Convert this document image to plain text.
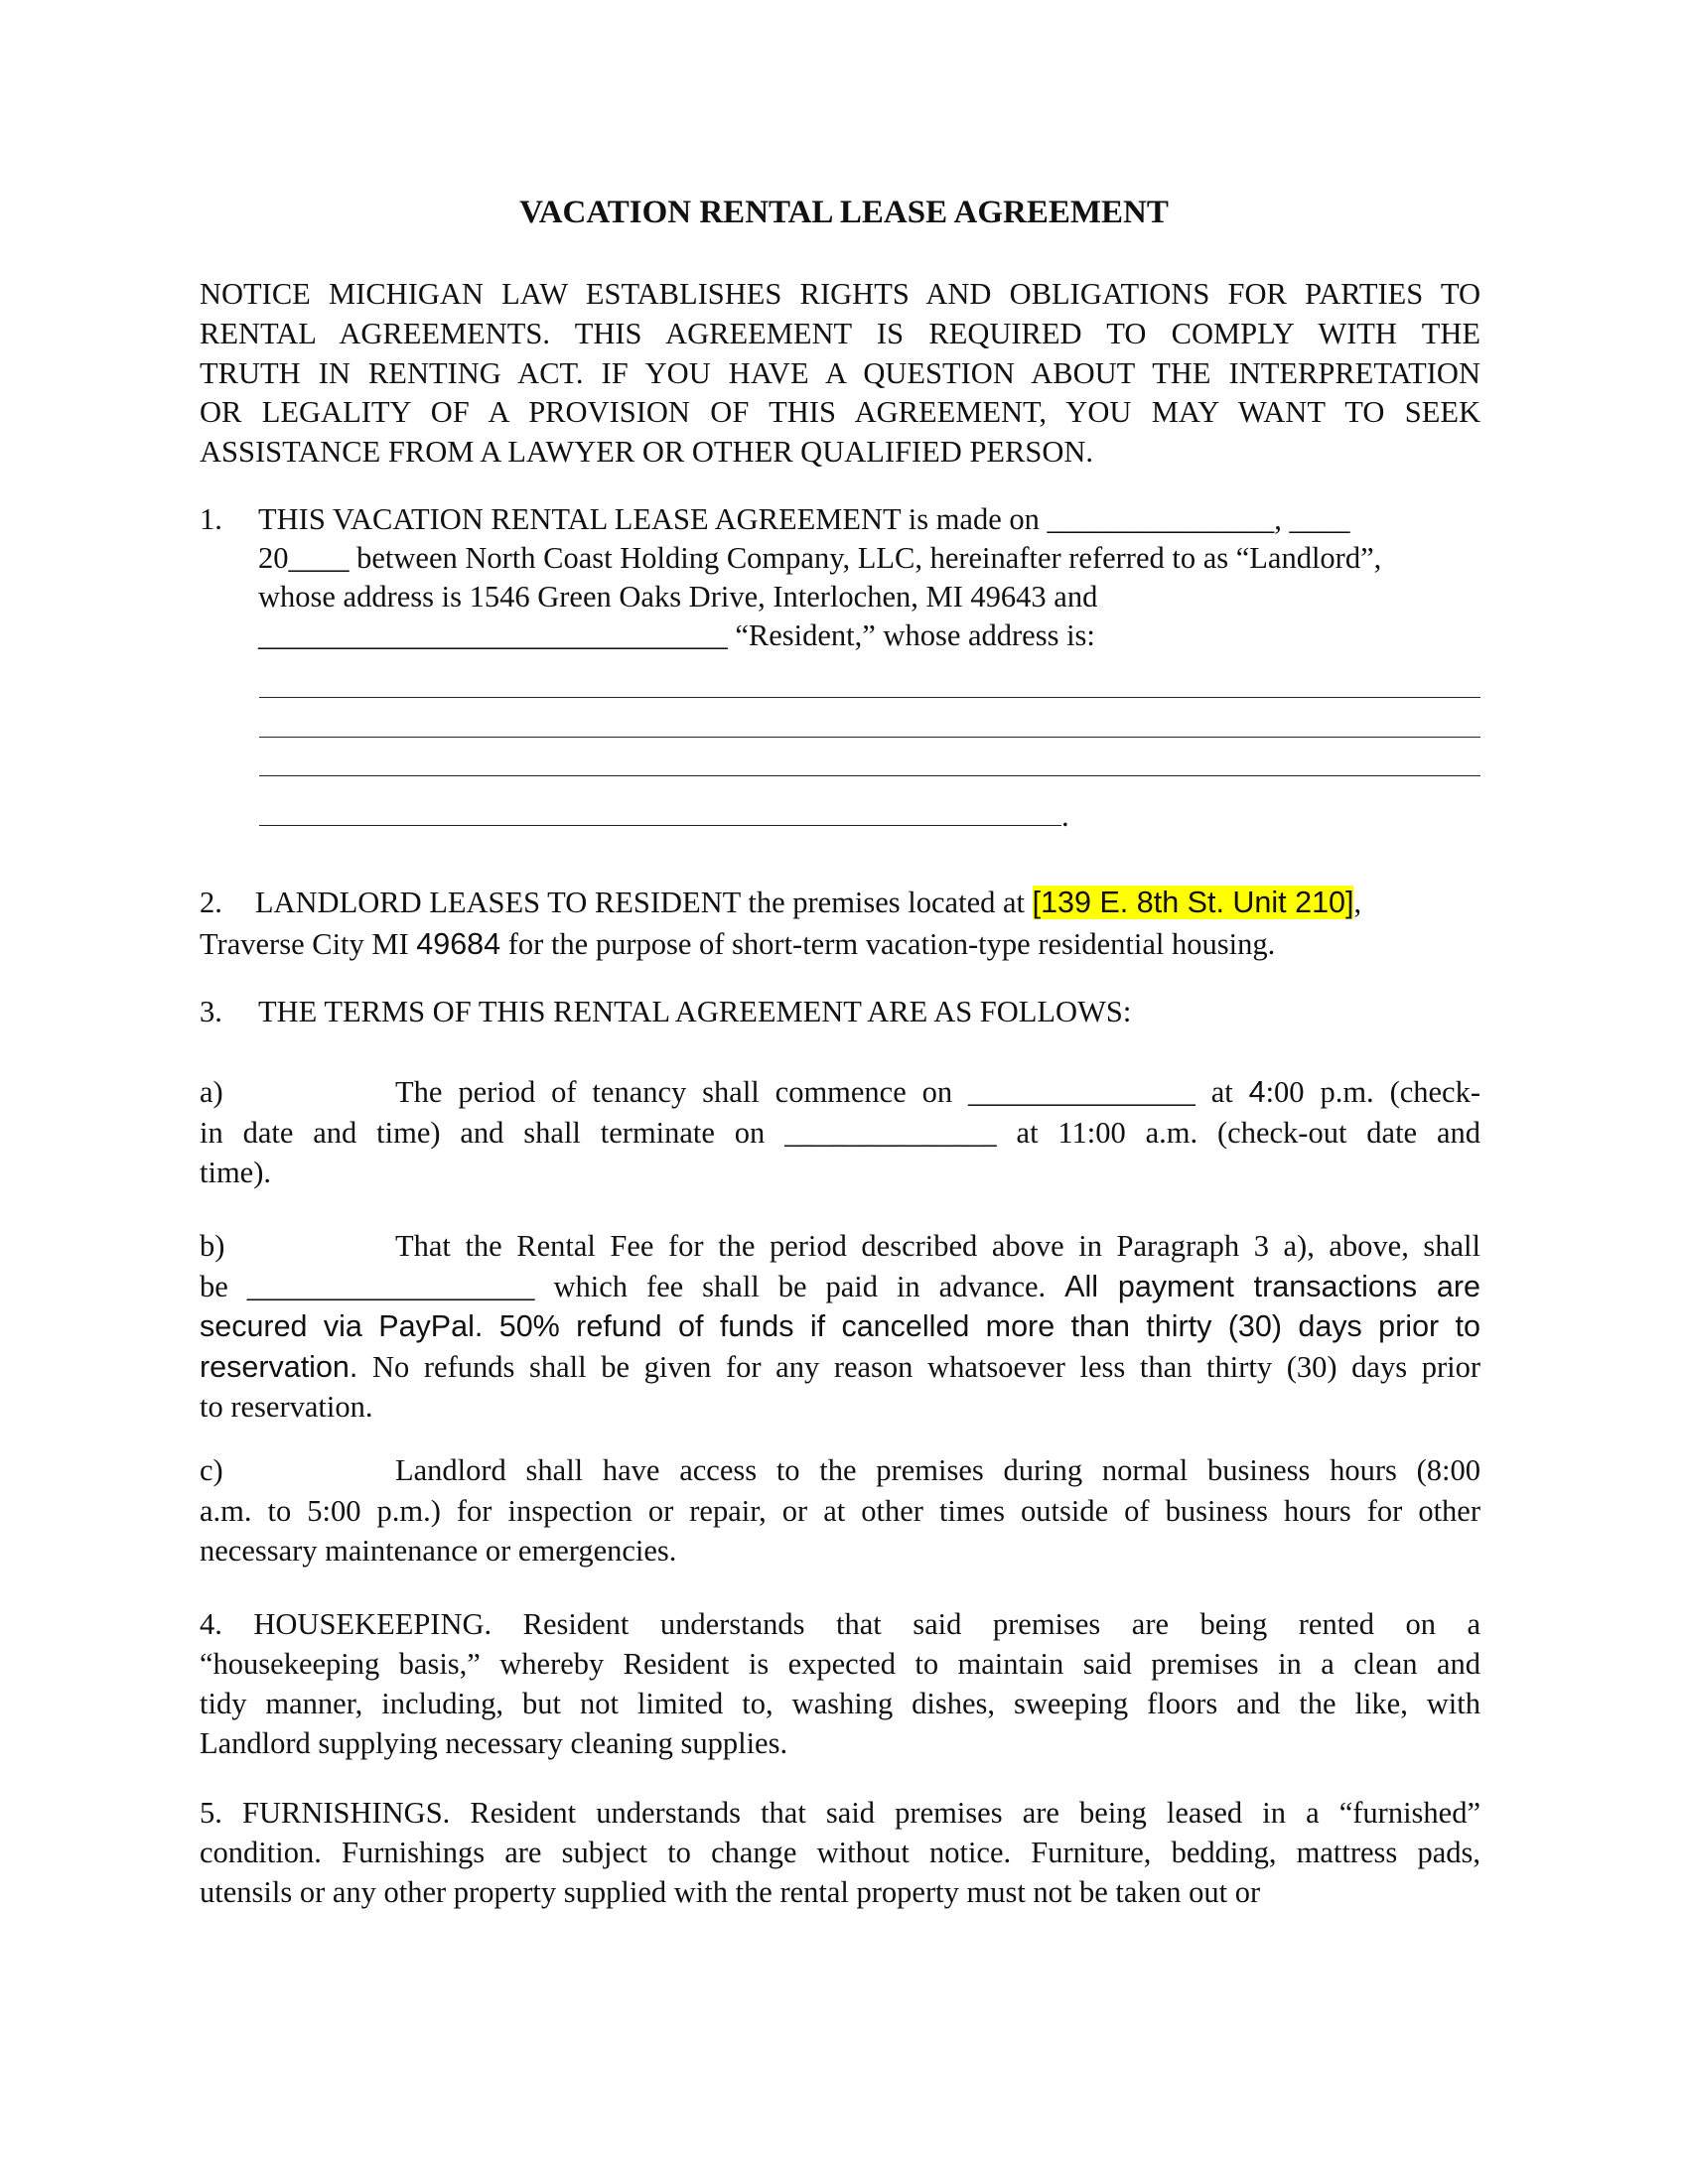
VACATION RENTAL LEASE AGREEMENT
NOTICE MICHIGAN LAW ESTABLISHES RIGHTS AND OBLIGATIONS FOR PARTIES TO
RENTAL AGREEMENTS. THIS AGREEMENT IS REQUIRED TO COMPLY WITH THE
TRUTH IN RENTING ACT. IF YOU HAVE A QUESTION ABOUT THE INTERPRETATION
OR LEGALITY OF A PROVISION OF THIS AGREEMENT, YOU MAY WANT TO SEEK
ASSISTANCE FROM A LAWYER OR OTHER QUALIFIED PERSON.
1. THIS VACATION RENTAL LEASE AGREEMENT is made on _______________, ____
20____ between North Coast Holding Company, LLC, hereinafter referred to as “Landlord”,
whose address is 1546 Green Oaks Drive, Interlochen, MI 49643 and
_______________________________ “Resident,” whose address is:
.
2. LANDLORD LEASES TO RESIDENT the premises located at [139 E. 8th St. Unit 210],
Traverse City MI 49684 for the purpose of short-term vacation-type residential housing.
3. THE TERMS OF THIS RENTAL AGREEMENT ARE AS FOLLOWS:
a)	The period of tenancy shall commence on _______________ at 4:00 p.m. (check-
in date and time) and shall terminate on ______________ at 11:00 a.m. (check-out date and
time).
b)	That the Rental Fee for the period described above in Paragraph 3 a), above, shall
be ___________________ which fee shall be paid in advance. All payment transactions are
secured via PayPal. 50% refund of funds if cancelled more than thirty (30) days prior to
reservation. No refunds shall be given for any reason whatsoever less than thirty (30) days prior
to reservation.
c)	Landlord shall have access to the premises during normal business hours (8:00
a.m. to 5:00 p.m.) for inspection or repair, or at other times outside of business hours for other
necessary maintenance or emergencies.
4. HOUSEKEEPING. Resident understands that said premises are being rented on a
“housekeeping basis,” whereby Resident is expected to maintain said premises in a clean and
tidy manner, including, but not limited to, washing dishes, sweeping floors and the like, with
Landlord supplying necessary cleaning supplies.
5. FURNISHINGS. Resident understands that said premises are being leased in a “furnished”
condition. Furnishings are subject to change without notice. Furniture, bedding, mattress pads,
utensils or any other property supplied with the rental property must not be taken out or
